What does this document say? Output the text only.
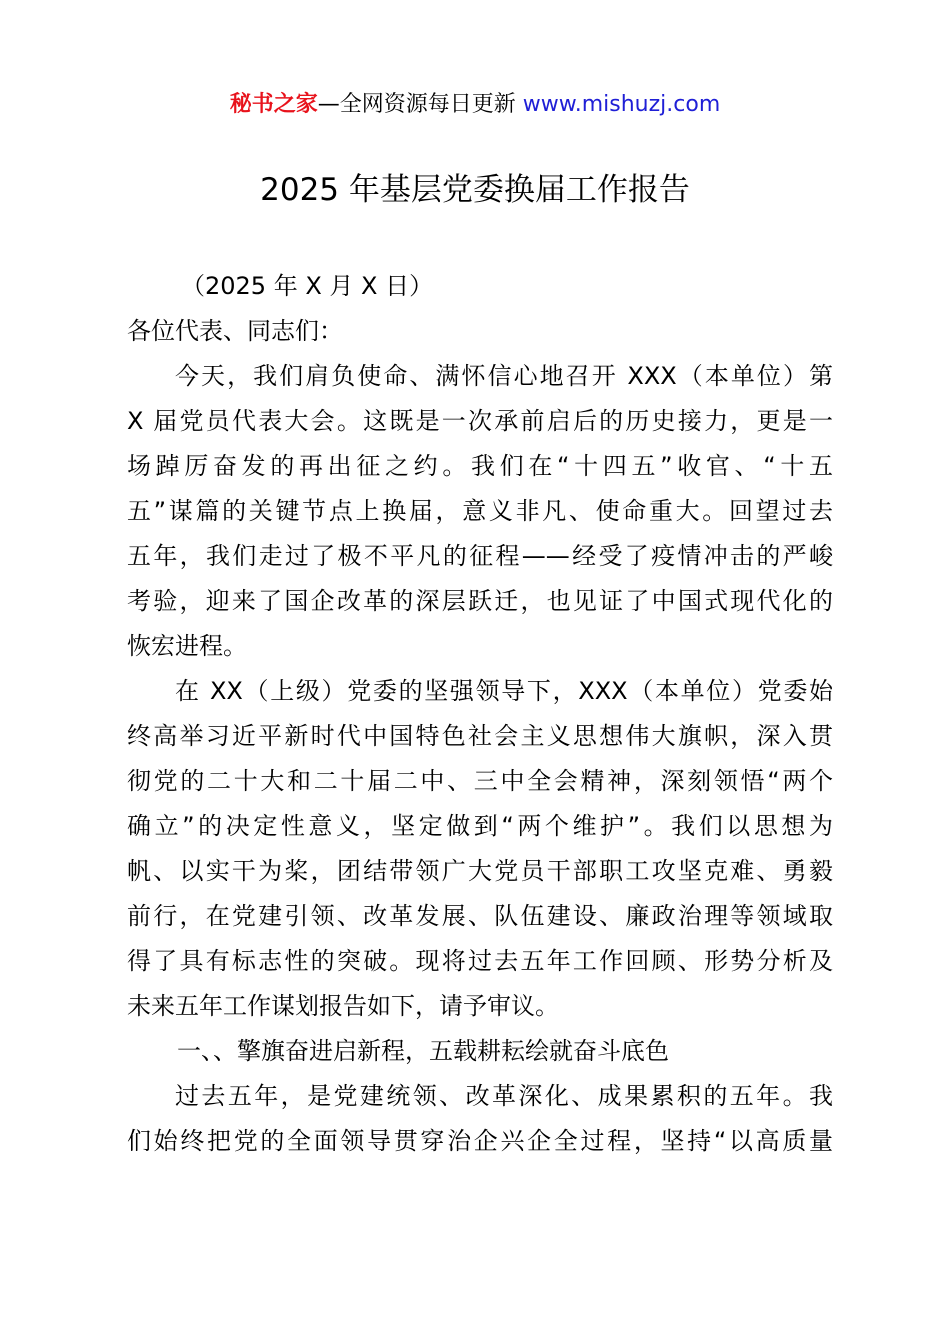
秘书之家—全网资源每日更新 www.mishuzj.com
2025 年基层党委换届工作报告
（2025 年 X 月 X 日）
各位代表、同志们：
今天，我们肩负使命、满怀信心地召开 XXX（本单位）第
X 届党员代表大会。这既是一次承前启后的历史接力，更是一
场踔厉奋发的再出征之约。我们在“十四五”收官、“十五
五”谋篇的关键节点上换届，意义非凡、使命重大。回望过去
五年，我们走过了极不平凡的征程——经受了疫情冲击的严峻
考验，迎来了国企改革的深层跃迁，也见证了中国式现代化的
恢宏进程。
在 XX（上级）党委的坚强领导下，XXX（本单位）党委始
终高举习近平新时代中国特色社会主义思想伟大旗帜，深入贯
彻党的二十大和二十届二中、三中全会精神，深刻领悟“两个
确立”的决定性意义，坚定做到“两个维护”。我们以思想为
帆、以实干为桨，团结带领广大党员干部职工攻坚克难、勇毅
前行，在党建引领、改革发展、队伍建设、廉政治理等领域取
得了具有标志性的突破。现将过去五年工作回顾、形势分析及
未来五年工作谋划报告如下，请予审议。
一、、擎旗奋进启新程，五载耕耘绘就奋斗底色
过去五年，是党建统领、改革深化、成果累积的五年。我
们始终把党的全面领导贯穿治企兴企全过程，坚持“以高质量
